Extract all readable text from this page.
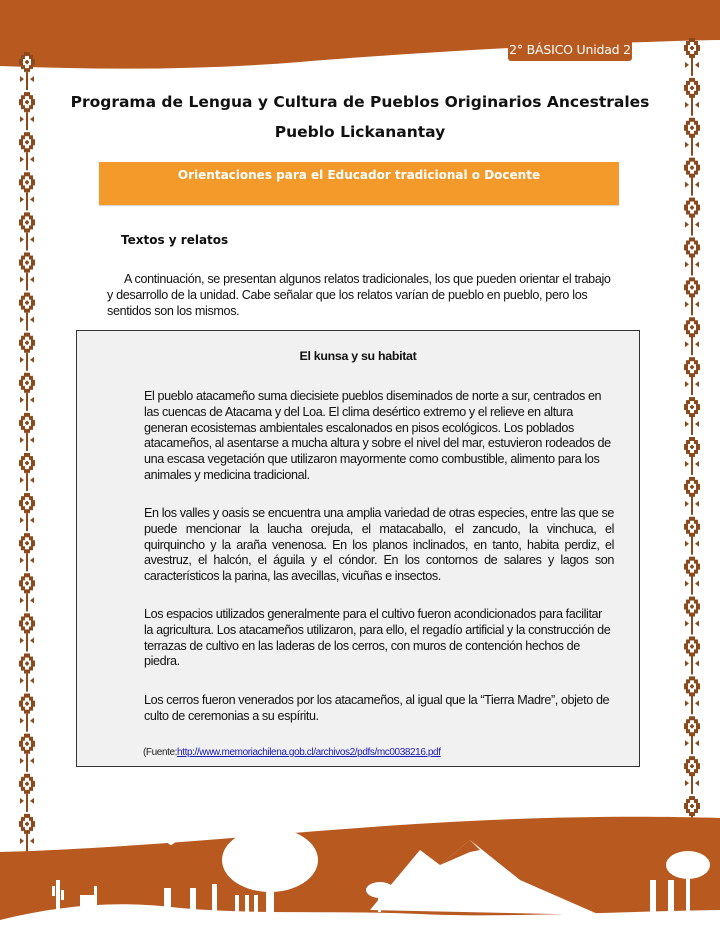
2° BÁSICO Unidad 2
Programa de Lengua y Cultura de Pueblos Originarios Ancestrales
Pueblo Lickanantay
Orientaciones para el Educador tradicional o Docente
Textos y relatos
A continuación, se presentan algunos relatos tradicionales, los que pueden orientar el trabajo y desarrollo de la unidad. Cabe señalar que los relatos varían de pueblo en pueblo, pero los sentidos son los mismos.
El kunsa y su habitat
El pueblo atacameño suma diecisiete pueblos diseminados de norte a sur, centrados en las cuencas de Atacama y del Loa. El clima desértico extremo y el relieve en altura generan ecosistemas ambientales escalonados en pisos ecológicos. Los poblados atacameños, al asentarse a mucha altura y sobre el nivel del mar, estuvieron rodeados de una escasa vegetación que utilizaron mayormente como combustible, alimento para los animales y medicina tradicional.
En los valles y oasis se encuentra una amplia variedad de otras especies, entre las que se puede mencionar la laucha orejuda, el matacaballo, el zancudo, la vinchuca, el quirquincho y la araña venenosa. En los planos inclinados, en tanto, habita perdiz, el avestruz, el halcón, el águila y el cóndor. En los contornos de salares y lagos son característicos la parina, las avecillas, vicuñas e insectos.
Los espacios utilizados generalmente para el cultivo fueron acondicionados para facilitar la agricultura. Los atacameños utilizaron, para ello, el regadío artificial y la construcción de terrazas de cultivo en las laderas de los cerros, con muros de contención hechos de piedra.
Los cerros fueron venerados por los atacameños, al igual que la “Tierra Madre”, objeto de culto de ceremonias a su espíritu.
(Fuente:http://www.memoriachilena.gob.cl/archivos2/pdfs/mc0038216.pdf
